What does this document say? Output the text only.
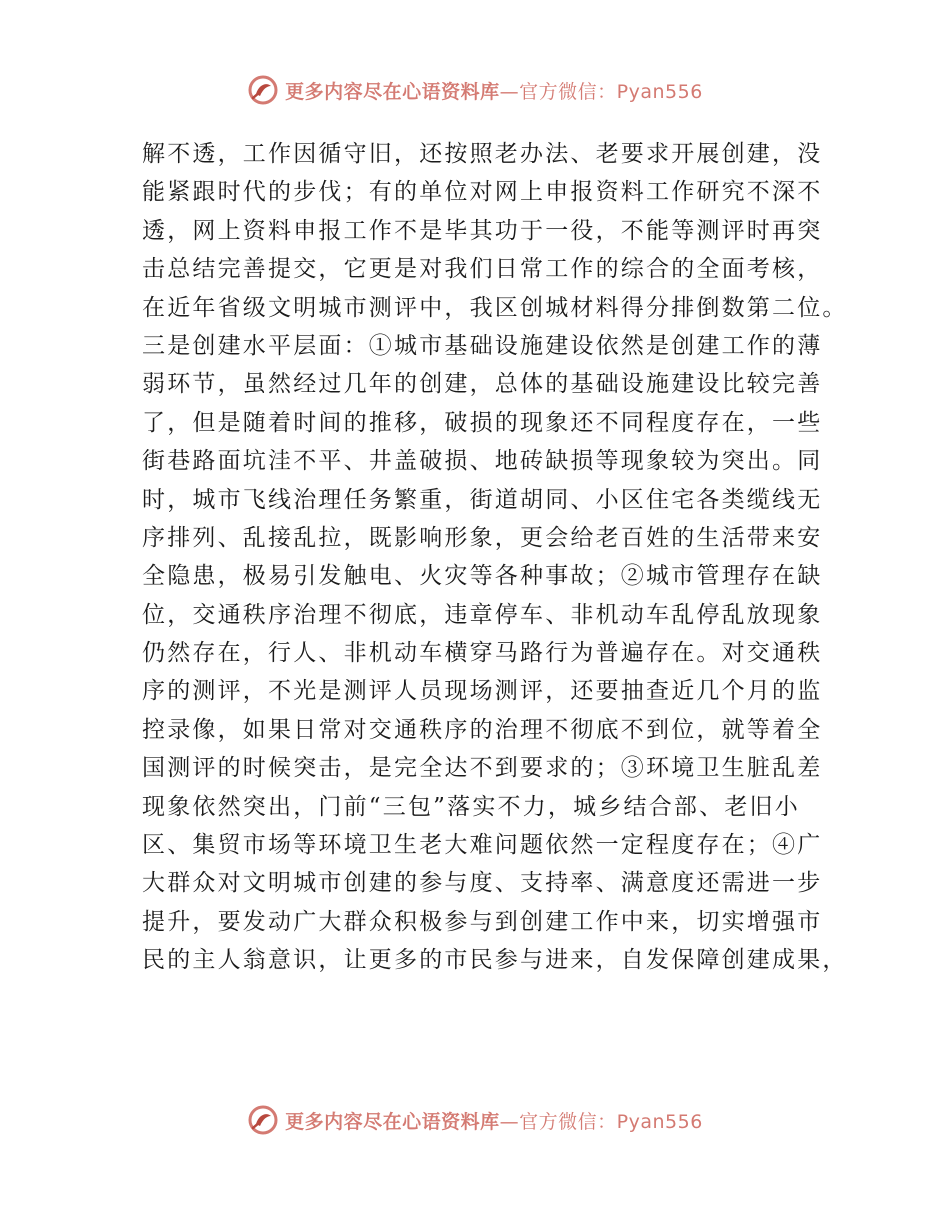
更多内容尽在心语资料库—官方微信：Pyan556
解不透，工作因循守旧，还按照老办法、老要求开展创建，没
能紧跟时代的步伐；有的单位对网上申报资料工作研究不深不
透，网上资料申报工作不是毕其功于一役，不能等测评时再突
击总结完善提交，它更是对我们日常工作的综合的全面考核，
在近年省级文明城市测评中，我区创城材料得分排倒数第二位。
三是创建水平层面：①城市基础设施建设依然是创建工作的薄
弱环节，虽然经过几年的创建，总体的基础设施建设比较完善
了，但是随着时间的推移，破损的现象还不同程度存在，一些
街巷路面坑洼不平、井盖破损、地砖缺损等现象较为突出。同
时，城市飞线治理任务繁重，街道胡同、小区住宅各类缆线无
序排列、乱接乱拉，既影响形象，更会给老百姓的生活带来安
全隐患，极易引发触电、火灾等各种事故；②城市管理存在缺
位，交通秩序治理不彻底，违章停车、非机动车乱停乱放现象
仍然存在，行人、非机动车横穿马路行为普遍存在。对交通秩
序的测评，不光是测评人员现场测评，还要抽查近几个月的监
控录像，如果日常对交通秩序的治理不彻底不到位，就等着全
国测评的时候突击，是完全达不到要求的；③环境卫生脏乱差
现象依然突出，门前“三包”落实不力，城乡结合部、老旧小
区、集贸市场等环境卫生老大难问题依然一定程度存在；④广
大群众对文明城市创建的参与度、支持率、满意度还需进一步
提升，要发动广大群众积极参与到创建工作中来，切实增强市
民的主人翁意识，让更多的市民参与进来，自发保障创建成果，
更多内容尽在心语资料库—官方微信：Pyan556
